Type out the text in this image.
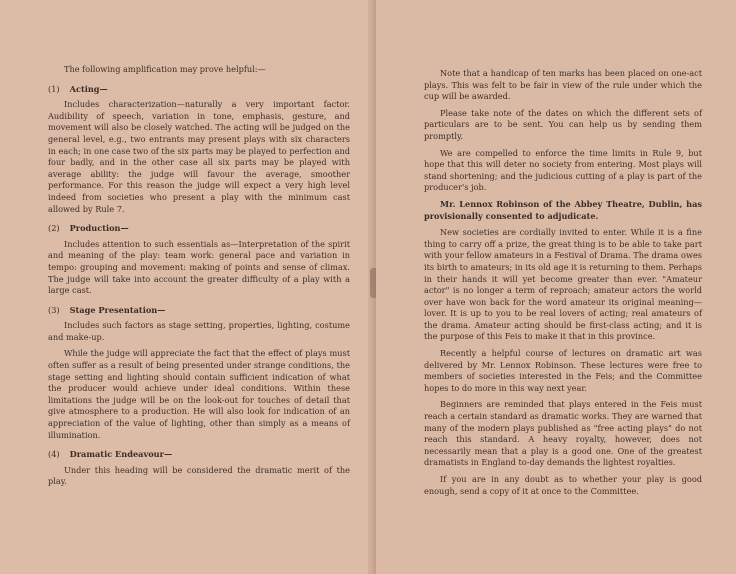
The following amplification may prove helpful:—

(1) Acting—

Includes characterization—naturally a very important factor. Audibility of speech, variation in tone, emphasis, gesture, and movement will also be closely watched. The acting will be judged on the general level, e.g., two entrants may present plays with six characters in each; in one case two of the six parts may be played to perfection and four badly, and in the other case all six parts may be played with average ability: the judge will favour the average, smoother performance. For this reason the judge will expect a very high level indeed from societies who present a play with the minimum cast allowed by Rule 7.

(2) Production—

Includes attention to such essentials as—Interpretation of the spirit and meaning of the play: team work: general pace and variation in tempo: grouping and movement: making of points and sense of climax. The judge will take into account the greater difficulty of a play with a large cast.

(3) Stage Presentation—

Includes such factors as stage setting, properties, lighting, costume and make-up.

While the judge will appreciate the fact that the effect of plays must often suffer as a result of being presented under strange conditions, the stage setting and lighting should contain sufficient indication of what the producer would achieve under ideal conditions. Within these limitations the judge will be on the look-out for touches of detail that give atmosphere to a production. He will also look for indication of an appreciation of the value of lighting, other than simply as a means of illumination.

(4) Dramatic Endeavour—

Under this heading will be considered the dramatic merit of the play.

Note that a handicap of ten marks has been placed on one-act plays. This was felt to be fair in view of the rule under which the cup will be awarded.

Please take note of the dates on which the different sets of particulars are to be sent. You can help us by sending them promptly.

We are compelled to enforce the time limits in Rule 9, but hope that this will deter no society from entering. Most plays will stand shortening; and the judicious cutting of a play is part of the producer's job.

Mr. Lennox Robinson of the Abbey Theatre, Dublin, has provisionally consented to adjudicate.

New societies are cordially invited to enter. While it is a fine thing to carry off a prize, the great thing is to be able to take part with your fellow amateurs in a Festival of Drama. The drama owes its birth to amateurs; in its old age it is returning to them. Perhaps in their hands it will yet become greater than ever. "Amateur actor" is no longer a term of reproach; amateur actors the world over have won back for the word amateur its original meaning—lover. It is up to you to be real lovers of acting; real amateurs of the drama. Amateur acting should be first-class acting; and it is the purpose of this Feis to make it that in this province.

Recently a helpful course of lectures on dramatic art was delivered by Mr. Lennox Robinson. These lectures were free to members of societies interested in the Feis; and the Committee hopes to do more in this way next year.

Beginners are reminded that plays entered in the Feis must reach a certain standard as dramatic works. They are warned that many of the modern plays published as "free acting plays" do not reach this standard. A heavy royalty, however, does not necessarily mean that a play is a good one. One of the greatest dramatists in England to-day demands the lightest royalties.

If you are in any doubt as to whether your play is good enough, send a copy of it at once to the Committee.
